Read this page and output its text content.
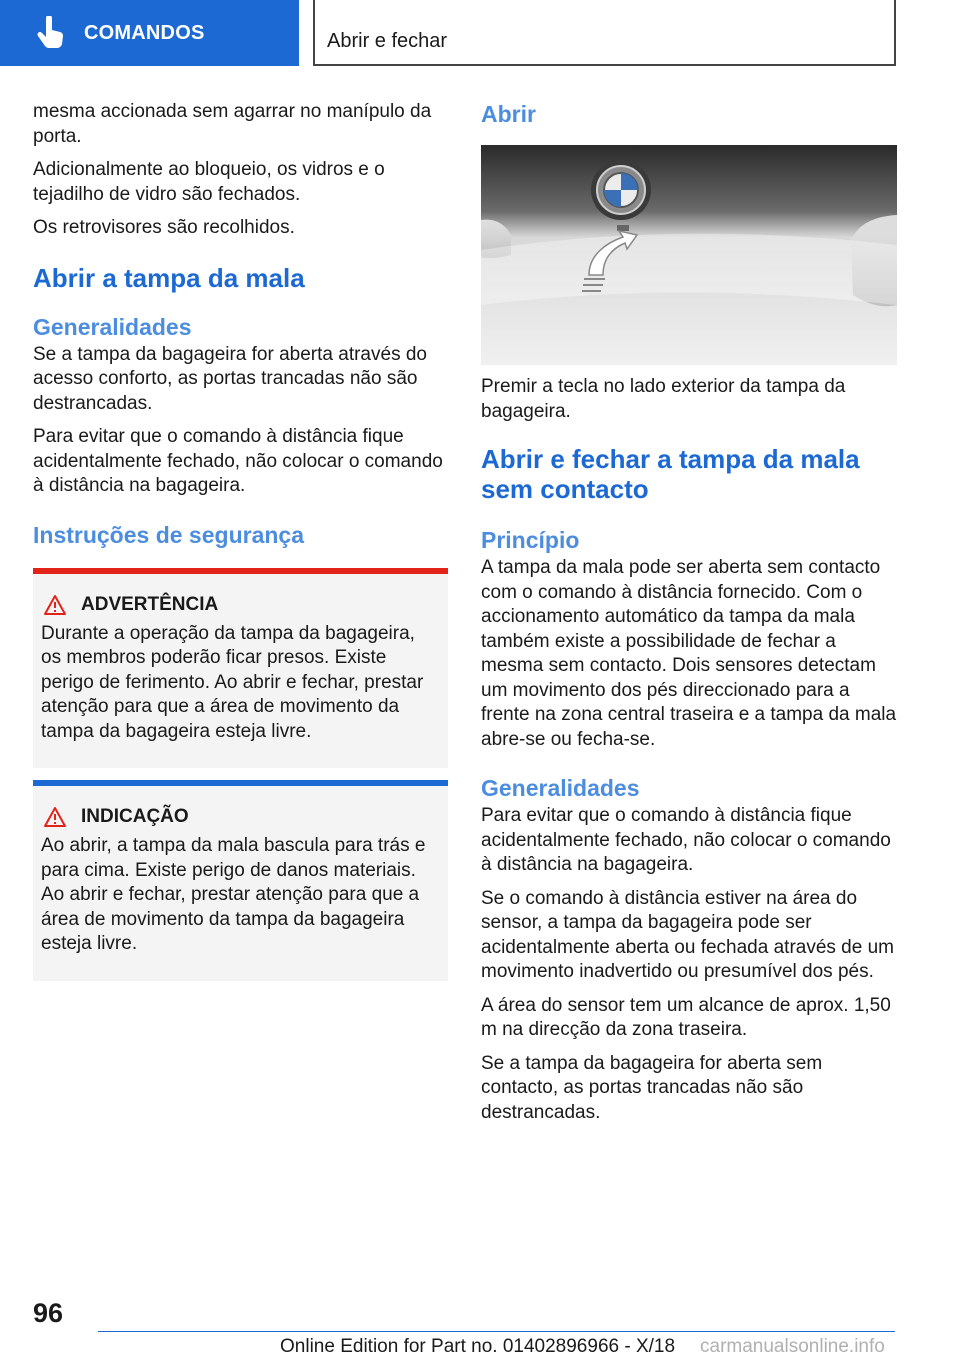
COMANDOS	Abrir e fechar

mesma accionada sem agarrar no manípulo da porta.

Adicionalmente ao bloqueio, os vidros e o tejadilho de vidro são fechados.

Os retrovisores são recolhidos.

Abrir a tampa da mala
Generalidades

Se a tampa da bagageira for aberta através do acesso conforto, as portas trancadas não são destrancadas.

Para evitar que o comando à distância fique acidentalmente fechado, não colocar o comando à distância na bagageira.

Instruções de segurança
ADVERTÊNCIA

Durante a operação da tampa da bagageira, os membros poderão ficar presos. Existe perigo de ferimento. Ao abrir e fechar, prestar atenção para que a área de movimento da tampa da bagageira esteja livre.

INDICAÇÃO

Ao abrir, a tampa da mala bascula para trás e para cima. Existe perigo de danos materiais. Ao abrir e fechar, prestar atenção para que a área de movimento da tampa da bagageira esteja livre.

Abrir

Premir a tecla no lado exterior da tampa da bagageira.

Abrir e fechar a tampa da mala sem contacto
Princípio

A tampa da mala pode ser aberta sem contacto com o comando à distância fornecido. Com o accionamento automático da tampa da mala também existe a possibilidade de fechar a mesma sem contacto. Dois sensores detectam um movimento dos pés direccionado para a frente na zona central traseira e a tampa da mala abre-se ou fecha-se.

Generalidades

Para evitar que o comando à distância fique acidentalmente fechado, não colocar o comando à distância na bagageira.

Se o comando à distância estiver na área do sensor, a tampa da bagageira pode ser acidentalmente aberta ou fechada através de um movimento inadvertido ou presumível dos pés.

A área do sensor tem um alcance de aprox. 1,50 m na direcção da zona traseira.

Se a tampa da bagageira for aberta sem contacto, as portas trancadas não são destrancadas.

96
Online Edition for Part no. 01402896966 - X/18 carmanualsonline.info
